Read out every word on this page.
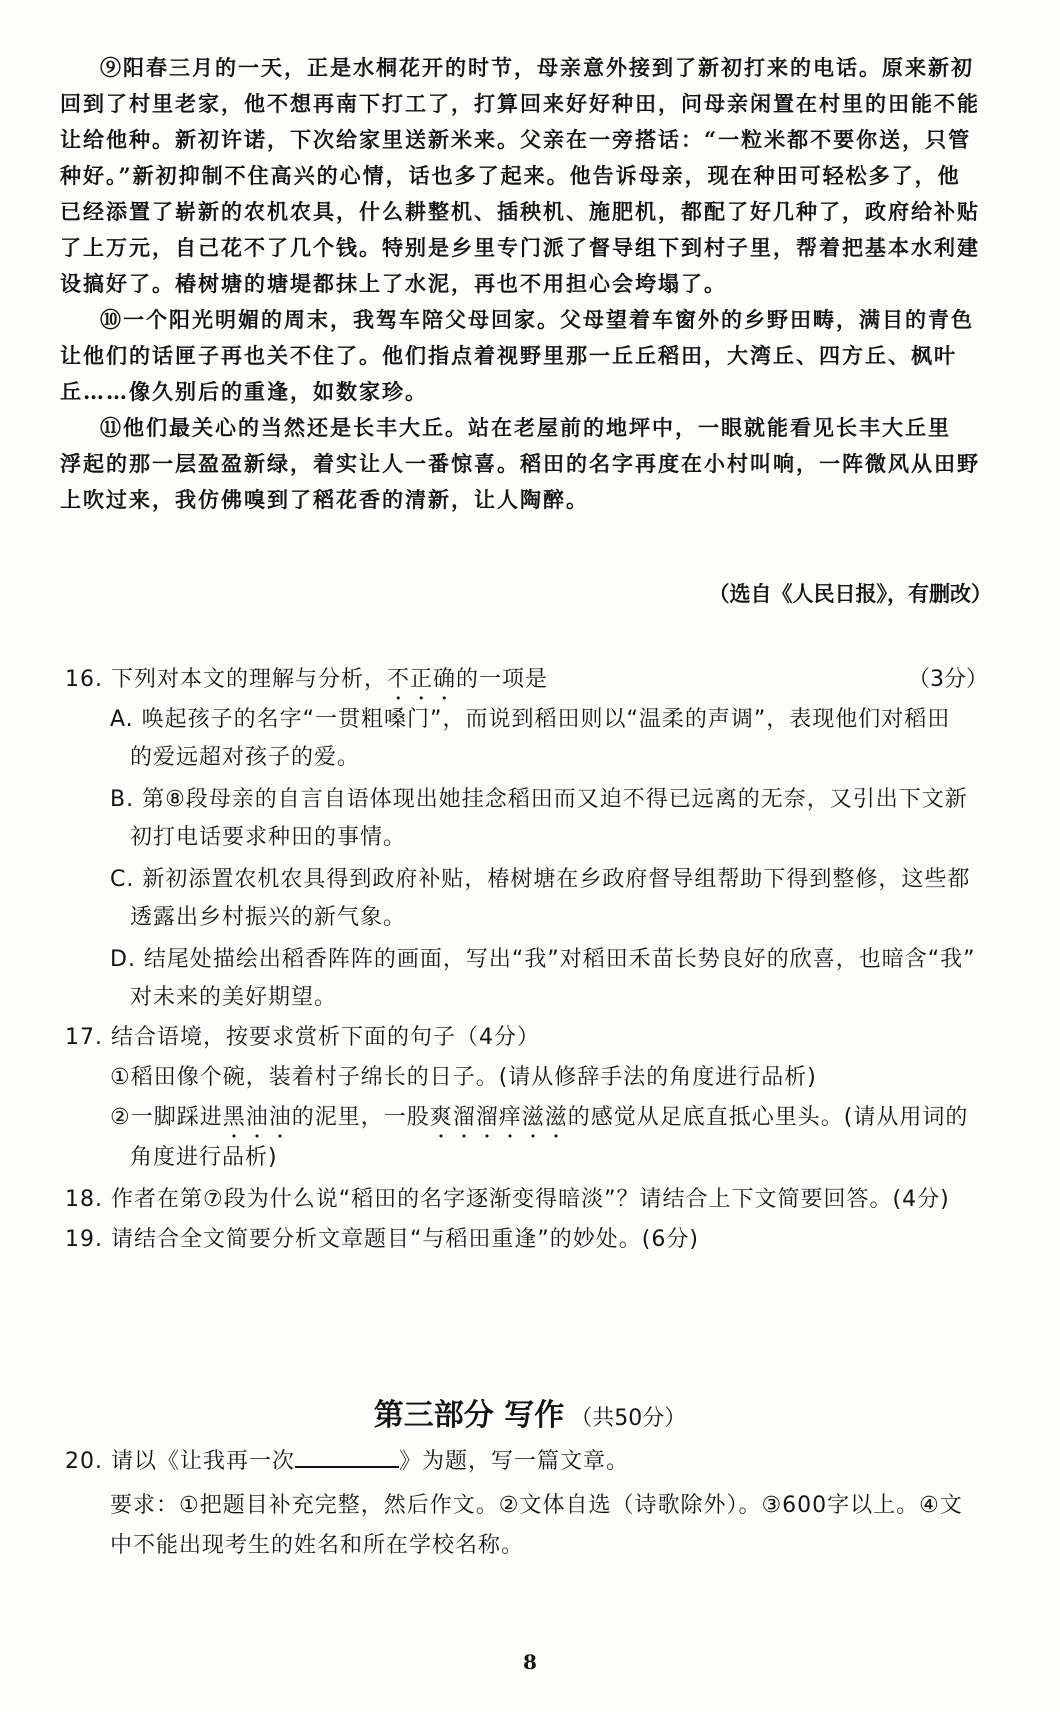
⑨阳春三月的一天，正是水桐花开的时节，母亲意外接到了新初打来的电话。原来新初
回到了村里老家，他不想再南下打工了，打算回来好好种田，问母亲闲置在村里的田能不能
让给他种。新初许诺，下次给家里送新米来。父亲在一旁搭话：“一粒米都不要你送，只管
种好。”新初抑制不住高兴的心情，话也多了起来。他告诉母亲，现在种田可轻松多了，他
已经添置了崭新的农机农具，什么耕整机、插秧机、施肥机，都配了好几种了，政府给补贴
了上万元，自己花不了几个钱。特别是乡里专门派了督导组下到村子里，帮着把基本水利建
设搞好了。椿树塘的塘堤都抹上了水泥，再也不用担心会垮塌了。
⑩一个阳光明媚的周末，我驾车陪父母回家。父母望着车窗外的乡野田畴，满目的青色
让他们的话匣子再也关不住了。他们指点着视野里那一丘丘稻田，大湾丘、四方丘、枫叶
丘……像久别后的重逢，如数家珍。
⑪他们最关心的当然还是长丰大丘。站在老屋前的地坪中，一眼就能看见长丰大丘里
浮起的那一层盈盈新绿，着实让人一番惊喜。稻田的名字再度在小村叫响，一阵微风从田野
上吹过来，我仿佛嗅到了稻花香的清新，让人陶醉。
（选自《人民日报》，有删改）
16. 下列对本文的理解与分析，不正确的一项是	（3分）
A. 唤起孩子的名字“一贯粗嗓门”，而说到稻田则以“温柔的声调”，表现他们对稻田
的爱远超对孩子的爱。
B. 第⑧段母亲的自言自语体现出她挂念稻田而又迫不得已远离的无奈，又引出下文新
初打电话要求种田的事情。
C. 新初添置农机农具得到政府补贴，椿树塘在乡政府督导组帮助下得到整修，这些都
透露出乡村振兴的新气象。
D. 结尾处描绘出稻香阵阵的画面，写出“我”对稻田禾苗长势良好的欣喜，也暗含“我”
对未来的美好期望。
17. 结合语境，按要求赏析下面的句子（4分）
①稻田像个碗，装着村子绵长的日子。(请从修辞手法的角度进行品析)
②一脚踩进黑油油的泥里，一股爽溜溜痒滋滋的感觉从足底直抵心里头。(请从用词的
角度进行品析)
18. 作者在第⑦段为什么说“稻田的名字逐渐变得暗淡”？请结合上下文简要回答。(4分)
19. 请结合全文简要分析文章题目“与稻田重逢”的妙处。(6分)
第三部分 写作 （共50分）
20. 请以《让我再一次	》为题，写一篇文章。
要求：①把题目补充完整，然后作文。②文体自选（诗歌除外）。③600字以上。④文
中不能出现考生的姓名和所在学校名称。
8
